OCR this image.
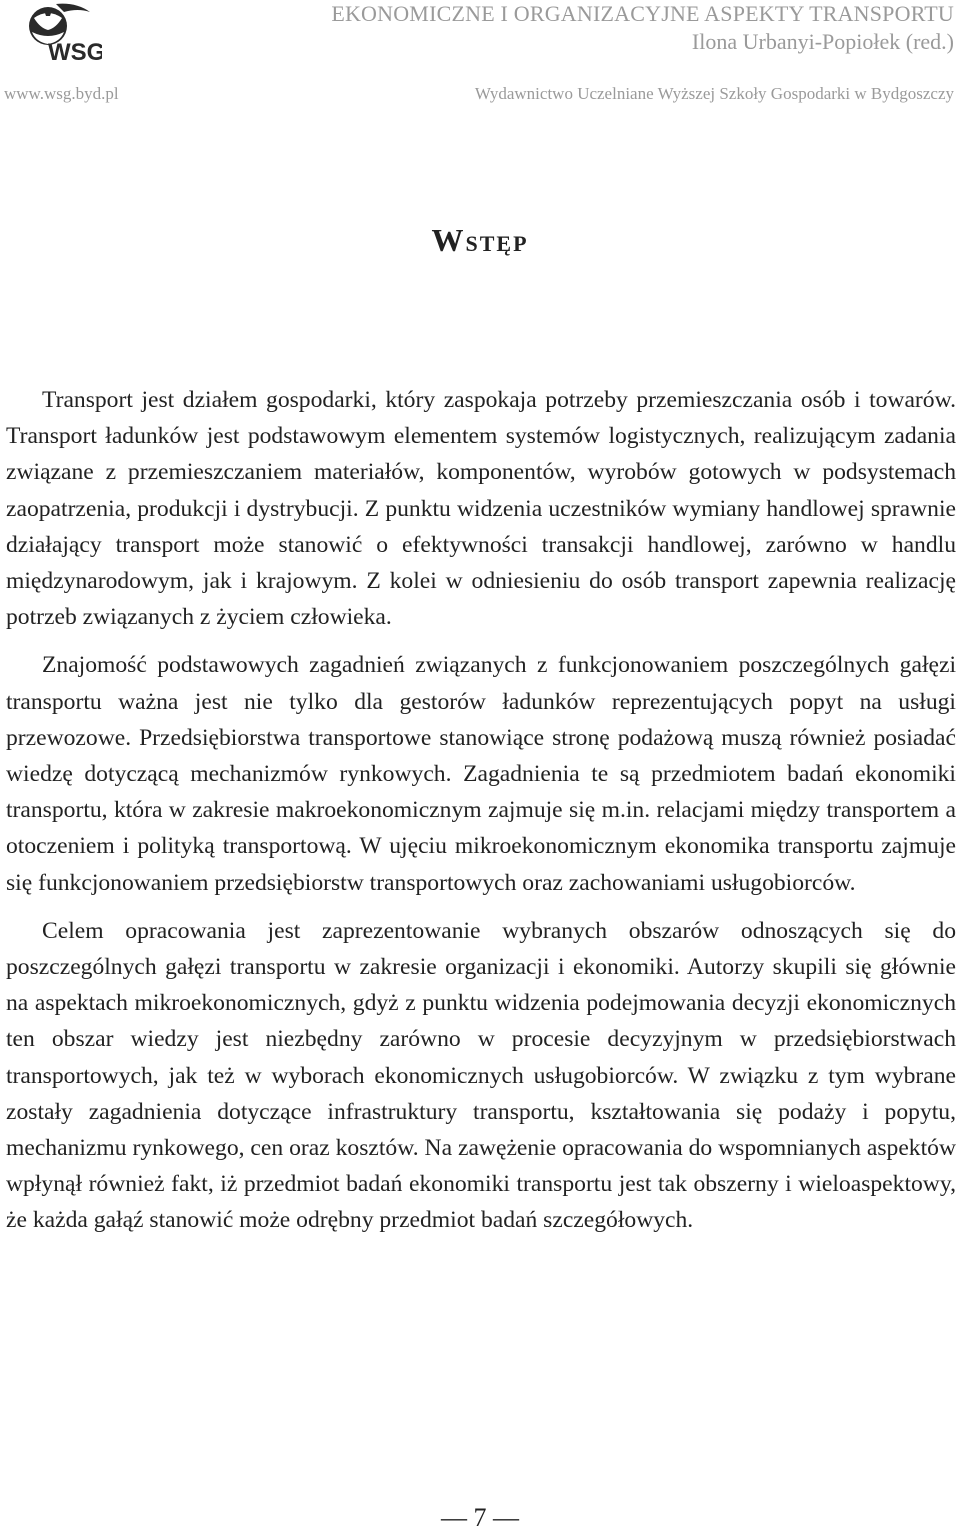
WSG
EKONOMICZNE I ORGANIZACYJNE ASPEKTY TRANSPORTU
Ilona Urbanyi-Popiołek (red.)
www.wsg.byd.pl	Wydawnictwo Uczelniane Wyższej Szkoły Gospodarki w Bydgoszczy
Wstęp

Transport jest działem gospodarki, który zaspokaja potrzeby przemieszczania osób i towarów. Transport ładunków jest podstawowym elementem systemów logistycznych, realizującym zadania związane z przemieszczaniem materiałów, komponentów, wyrobów gotowych w podsystemach zaopatrzenia, produkcji i dystrybucji. Z punktu widzenia uczestników wymiany handlowej sprawnie działający transport może stanowić o efektywności transakcji handlowej, zarówno w handlu międzynarodowym, jak i krajowym. Z kolei w odniesieniu do osób transport zapewnia realizację potrzeb związanych z życiem człowieka.

Znajomość podstawowych zagadnień związanych z funkcjonowaniem poszczególnych gałęzi transportu ważna jest nie tylko dla gestorów ładunków reprezentujących popyt na usługi przewozowe. Przedsiębiorstwa transportowe stanowiące stronę podażową muszą również posiadać wiedzę dotyczącą mechanizmów rynkowych. Zagadnienia te są przedmiotem badań ekonomiki transportu, która w zakresie makroekonomicznym zajmuje się m.in. relacjami między transportem a otoczeniem i polityką transportową. W ujęciu mikroekonomicznym ekonomika transportu zajmuje się funkcjonowaniem przedsiębiorstw transportowych oraz zachowaniami usługobiorców.

Celem opracowania jest zaprezentowanie wybranych obszarów odnoszących się do poszczególnych gałęzi transportu w zakresie organizacji i ekonomiki. Autorzy skupili się głównie na aspektach mikroekonomicznych, gdyż z punktu widzenia podejmowania decyzji ekonomicznych ten obszar wiedzy jest niezbędny zarówno w procesie decyzyjnym w przedsiębiorstwach transportowych, jak też w wyborach ekonomicznych usługobiorców. W związku z tym wybrane zostały zagadnienia dotyczące infrastruktury transportu, kształtowania się podaży i popytu, mechanizmu rynkowego, cen oraz kosztów. Na zawężenie opracowania do wspomnianych aspektów wpłynął również fakt, iż przedmiot badań ekonomiki transportu jest tak obszerny i wieloaspektowy, że każda gałąź stanowić może odrębny przedmiot badań szczegółowych.

— 7 —
